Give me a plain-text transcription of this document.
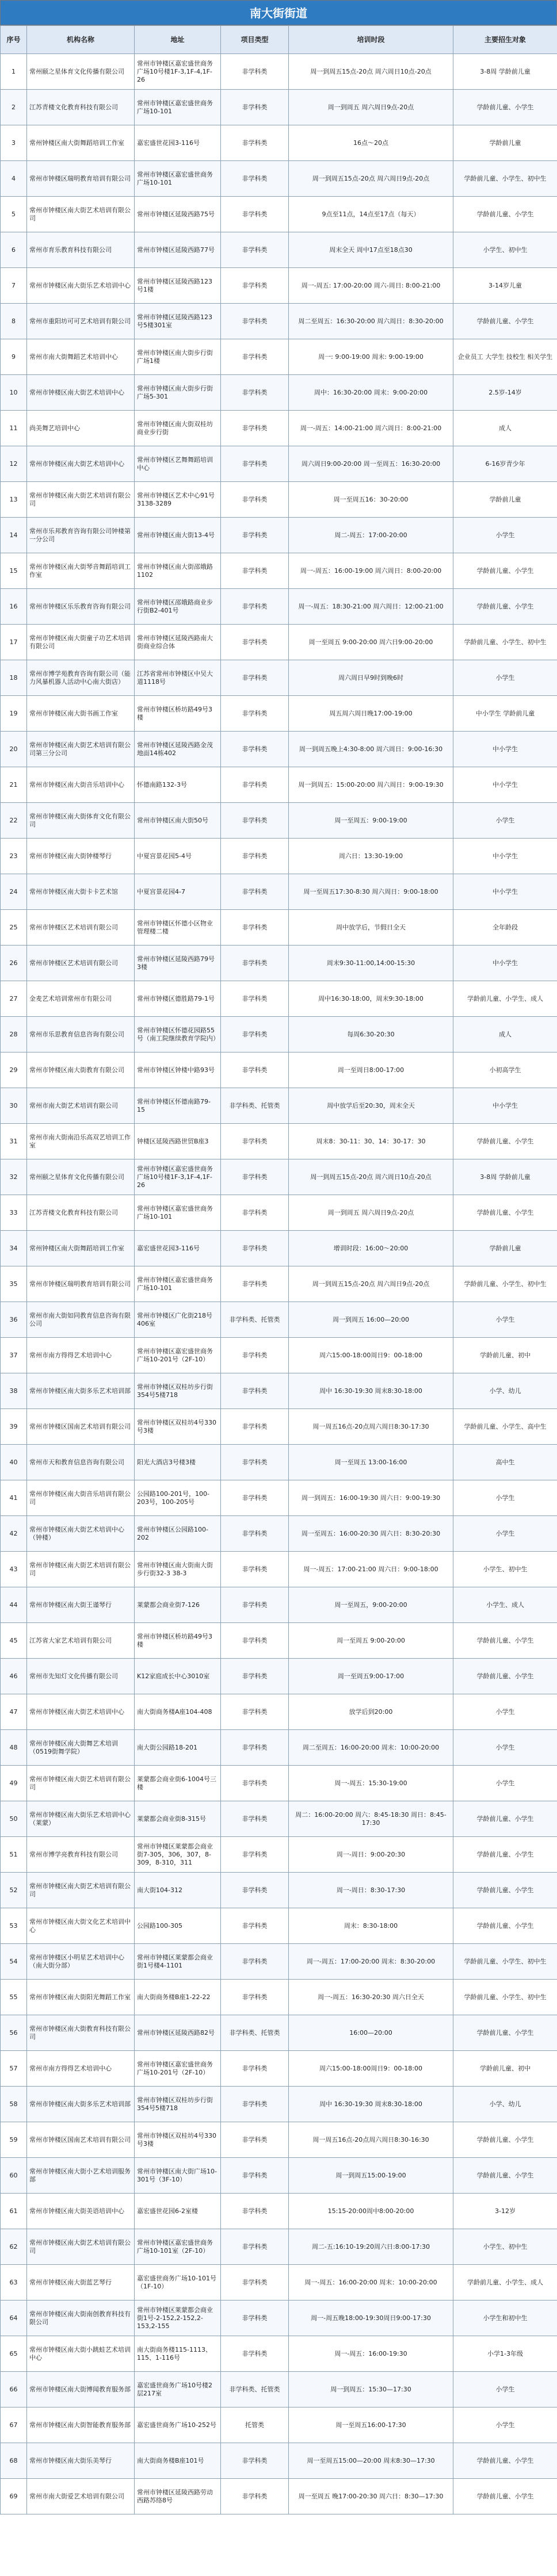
南大街街道
序号	机构名称	地址	项目类型	培训时段	主要招生对象
1	常州颐之星体育文化传播有限公司	常州市钟楼区嘉宏盛世商务广场10号楼1F-3,1F-4,1F-26	非学科类	周一到周五15点-20点 周六周日10点-20点	3-8周 学龄前儿童
2	江苏青楼文化教育科技有限公司	常州市钟楼区嘉宏盛世商务广场10-101	非学科类	周一到周五 周六周日9点-20点	学龄前儿童、小学生
3	常州钟楼区南大街舞蹈培训工作室	嘉宏盛世花园3-116号	非学科类	16点～20点	学龄前儿童
4	常州市钟楼区瑞明教育培训有限公司	常州市钟楼区嘉宏盛世商务广场10-101	非学科类	周一到周五15点-20点 周六周日9点-20点	学龄前儿童、小学生、初中生
5	常州市钟楼区南大街艺术培训有限公司	常州市钟楼区延陵西路75号	非学科类	9点至11点，14点至17点（每天）	学龄前儿童、小学生
6	常州市育乐教育科技有限公司	常州市钟楼区延陵西路77号	非学科类	周末全天 周中17点至18点30	小学生、初中生
7	常州市钟楼区南大街乐艺术培训中心	常州市钟楼区延陵西路123号1楼	非学科类	周一-周五: 17:00-20:00 周六-周日: 8:00-21:00	3-14岁儿童
8	常州市重阳坊可可艺术培训有限公司	常州市钟楼区延陵西路123号5楼301室	非学科类	周二至周五：16:30-20:00 周六周日：8:30-20:00	学龄前儿童、小学生
9	常州市南大街舞蹈艺术培训中心	常州市钟楼区南大街步行街广场1楼	非学科类	周一: 9:00-19:00 周末: 9:00-19:00	企业员工 大学生 技校生 相关学生
10	常州市钟楼区南大街艺术培训中心	常州市钟楼区南大街步行街广场5-301	非学科类	周中：16:30-20:00 周末：9:00-20:00	2.5岁-14岁
11	尚美舞艺培训中心	常州市钟楼区南大街双桂坊商业步行街	非学科类	周一-周五：14:00-21:00 周六周日：8:00-21:00	成人
12	常州市钟楼区南大街艺术培训中心	常州市钟楼区艺舞舞蹈培训中心	非学科类	周六周日9:00-20:00 周一至周五：16:30-20:00	6-16岁青少年
13	常州市钟楼区南大街艺术培训有限公司	常州市钟楼区艺术中心91号3138-3289	非学科类	周一至周五16：30-20:00	学龄前儿童
14	常州市乐邦教育咨询有限公司钟楼第一分公司	常州市钟楼区南大街13-4号	非学科类	周二-周五：17:00-20:00	小学生
15	常州市钟楼区南大街琴音舞蹈培训工作室	常州市钟楼区南大街邵娥路1102	非学科类	周一-周五：16:00-19:00 周六周日：8:00-20:00	学龄前儿童、小学生
16	常州市钟楼区乐乐教育咨询有限公司	常州市钟楼区邵娥路商业步行街B2-401号	非学科类	周一-周五：18:30-21:00 周六周日：12:00-21:00	学龄前儿童、小学生
17	常州市钟楼区南大街童子功艺术培训有限公司	常州市钟楼区延陵西路南大街商业综合体	非学科类	周一至周五 9:00-20:00 周六日9:00-20:00	学龄前儿童、小学生、初中生
18	常州市博学苑教育咨询有限公司（能力风暴机器人活动中心南大街店）	江苏省常州市钟楼区中吴大道1118号	非学科类	周六周日早9时到晚6时	小学生
19	常州市钟楼区南大街书画工作室	常州市钟楼区桥坊路49号3楼	非学科类	周五周六周日晚17:00-19:00	中小学生 学龄前儿童
20	常州市钟楼区南大街艺术培训有限公司第三分公司	常州市钟楼区延陵西路金茂地面14栋402	非学科类	周一到周五晚上4:30-8:00 周六周日：9:00-16:30	中小学生
21	常州市钟楼区南大街音乐培训中心	怀德南路132-3号	非学科类	周一到周五：15:00-20:00 周六周日：9:00-19:30	中小学生
22	常州市钟楼区南大街体育文化有限公司	常州市钟楼区南大街50号	非学科类	周一至周五：9:00-19:00	小学生
23	常州市钟楼区南大街钟楼琴行	中夏宫景花园5-4号	非学科类	周六日：13:30-19:00	中小学生
24	常州市钟楼区南大街卡卡艺术馆	中夏宫景花园4-7	非学科类	周一至周五17:30-8:30 周六周日：9:00-18:00	中小学生
25	常州市钟楼区艺术培训有限公司	常州市钟楼区怀德小区物业管理楼二楼	非学科类	周中放学后，节假日全天	全年龄段
26	常州市钟楼区艺术培训有限公司	常州市钟楼区延陵西路79号3楼	非学科类	周末9:30-11:00,14:00-15:30	中小学生
27	金麦艺术培训常州市有限公司	常州市钟楼区德胜路79-1号	非学科类	周中16:30-18:00，周末9:30-18:00	学龄前儿童、小学生、成人
28	常州市乐思教育信息咨询有限公司	常州市钟楼区怀德花园路55号（南工院继续教育学院内）	非学科类	每周6:30-20:30	成人
29	常州市钟楼区南大街教育有限公司	常州市钟楼区钟楼中路93号	非学科类	周一至周日8:00-17:00	小初高学生
30	常州市南大街艺术培训有限公司	常州市钟楼区怀德南路79-15	非学科类、托管类	周中放学后至20:30，周末全天	中小学生
31	常州市南大街南沿乐高双艺培训工作室	钟楼区延陵西路世贸B座3	非学科类	周末8：30-11：30、14：30-17：30	学龄前儿童、小学生
32	常州颐之星体育文化传播有限公司	常州市钟楼区嘉宏盛世商务广场10号楼1F-3,1F-4,1F-26	非学科类	周一到周五15点-20点 周六周日10点-20点	3-8周 学龄前儿童
33	江苏青楼文化教育科技有限公司	常州市钟楼区嘉宏盛世商务广场10-101	非学科类	周一到周五 周六周日9点-20点	学龄前儿童、小学生
34	常州钟楼区南大街舞蹈培训工作室	嘉宏盛世花园3-116号	非学科类	增训时段：16:00～20:00	学龄前儿童
35	常州市钟楼区瑞明教育培训有限公司	常州市钟楼区嘉宏盛世商务广场10-101	非学科类	周一到周五15点-20点 周六周日9点-20点	学龄前儿童、小学生、初中生
36	常州市南大街如同教育信息咨询有限公司	常州市钟楼区广化街218号406室	非学科类、托管类	周一到周五 16:00—20:00	小学生
37	常州市南方得得艺术培训中心	常州市钟楼区嘉宏盛世商务广场10-201号（2F-10）	非学科类	周六15:00-18:00周日9：00-18:00	学龄前儿童、初中
38	常州市钟楼区南大街多乐艺术培训部	常州市钟楼区双桂坊步行街354号5楼718	非学科类	周中 16:30-19:30 周末8:30-18:00	小学、幼儿
39	常州市钟楼区国南艺术培训有限公司	常州市钟楼区双桂坊4号330号3楼	非学科类	周一周五16点-20点周六周日8:30-17:30	学龄前儿童、小学生、高中生
40	常州市天和教育信息咨询有限公司	阳光大酒店3号楼3楼	非学科类	周一至周五 13:00-16:00	高中生
41	常州市钟楼区南大街音乐培训有限公司	公园路100-201号，100-203号，100-205号	非学科类	周一到周五：16:00-19:30 周六日：9:00-19:30	小学生
42	常州市钟楼区南大街艺术培训中心（钟楼）	常州市钟楼区公园路100-202	非学科类	周一至周五：16:00-20:30 周六日：8:30-20:30	小学生
43	常州市钟楼区南大街艺术培训有限公司	常州市钟楼区南大街南大街步行街32-3 38-3	非学科类	周一-周五：17:00-21:00 周六日：9:00-18:00	小学生、初中生
44	常州市钟楼区南大街王谨琴行	莱蒙都会商业街7-126	非学科类	周一至周五，9:00-20:00	小学生、成人
45	江苏省大家艺术培训有限公司	常州市钟楼区桥坊路49号3楼	非学科类	周一至周五 9:00-20:00	学龄前儿童、小学生
46	常州市先知灯文化传播有限公司	K12家庭成长中心3010室	非学科类	周一至周五9:00-17:00	学龄前儿童、小学生
47	常州市钟楼区南大街艺术培训中心	南大街商务楼A座104-408	非学科类	放学后到20:00	小学生
48	常州市钟楼区南大街舞艺术培训（0519街舞学院）	南大街公园路18-201	非学科类	周二至周五：16:00-20:00 周末：10:00-20:00	小学生
49	常州市钟楼区南大街艺术培训有限公司	莱蒙都会商业街6-1004号三楼	非学科类	周一-周五：15:30-19:00	小学生
50	常州市钟楼区南大街乐艺术培训中心（莱蒙）	莱蒙都会商业街8-315号	非学科类	周二：16:00-20:00 周六：8:45-18:30 周日：8:45-17:30	学龄前儿童、小学生
51	常州市博学亮教育科技有限公司	常州市钟楼区莱蒙都会商业街7-305，306，307，8-309，8-310，311	非学科类	周一-周日：9:00-20:30	学龄前儿童、小学生
52	常州市钟楼区南大街艺术培训有限公司	南大街104-312	非学科类	周一-周日：8:30-17:30	学龄前儿童、小学生
53	常州市钟楼区南大街文化艺术培训中心	公园路100-305	非学科类	周末：8:30-18:00	学龄前儿童、小学生
54	常州市钟楼区小明星艺术培训中心（南大街分部）	常州市钟楼区莱蒙都会商业街1号楼4-1101	非学科类	周一-周五：17:00-20:00 周末：8:30-20:00	学龄前儿童、小学生、初中生
55	常州市钟楼区南大街阳光舞蹈工作室	南大街商务楼B座1-22-22	非学科类	周一-周五：16:30-20:30 周六日全天	学龄前儿童、小学生、初中生
56	常州市钟楼区南大街教育科技有限公司	常州市钟楼区延陵西路82号	非学科类、托管类	16:00—20:00	学龄前儿童、小学生
57	常州市南方得得艺术培训中心	常州市钟楼区嘉宏盛世商务广场10-201号（2F-10）	非学科类	周六15:00-18:00周日9：00-18:00	学龄前儿童、初中
58	常州市钟楼区南大街多乐艺术培训部	常州市钟楼区双桂坊步行街354号5楼718	非学科类	周中 16:30-19:30 周末8:30-18:00	小学、幼儿
59	常州市钟楼区国南艺术培训有限公司	常州市钟楼区双桂坊4号330号3楼	非学科类	周一周五16点-20点周六周日8:30-16:30	学龄前儿童、小学生
60	常州市钟楼区南大街小艺术培训服务部	常州市钟楼区南大街广场10-301号（3F-10）	非学科类	周一到周五15:00-19:00	学龄前儿童、小学生
61	常州市钟楼区南大街美语培训中心	嘉宏盛世花园6-2室楼	非学科类	15:15-20:00周中8:00-20:00	3-12岁
62	常州市钟楼区南大街艺术培训有限公司	常州市钟楼区嘉宏盛世商务广场10-101室（2F-10）	非学科类	周二-五:16:10-19:20周六日:8:00-17:30	小学生、初中生
63	常州市钟楼区南大街蓝艺琴行	嘉宏盛世商务广场10-101号（1F-10）	非学科类	周一-周五：16:00-20:00 周末：10:00-20:00	学龄前儿童、小学生、成人
64	常州市钟楼区南大街南创教育科技有限公司	常州市钟楼区莱蒙都会商业街1号-2-152,2-152,2-153,2-155	非学科类	周一-周五晚18:00-19:30周日9:00-17:30	小学生和初中生
65	常州市钟楼区南大街小跳蛙艺术培训中心	南大街商务楼115-1113、115、1-116号	非学科类	周一-周五：16:00-19:30	小学1-3年级
66	常州市钟楼区南大街博闻教育服务部	嘉宏盛世商务广场10号楼2层217室	非学科类、托管类	周一到周五：15:30—17:30	小学生
67	常州市钟楼区南大街智能教育服务部	嘉宏盛世商务广场10-252号	托管类	周一至周五16:00-17:30	小学生
68	常州市钟楼区南大街乐美琴行	南大街商务楼B座101号	非学科类	周一至周五15:00—20:00 周末8:30—17:30	学龄前儿童、小学生
69	常州市南大街爱艺术培训有限公司	常州市钟楼区延陵西路劳动西路苏络8号	非学科类	周一至周五 晚17:00-20:30 周六日：8:30—17:30	学龄前儿童、小学生
